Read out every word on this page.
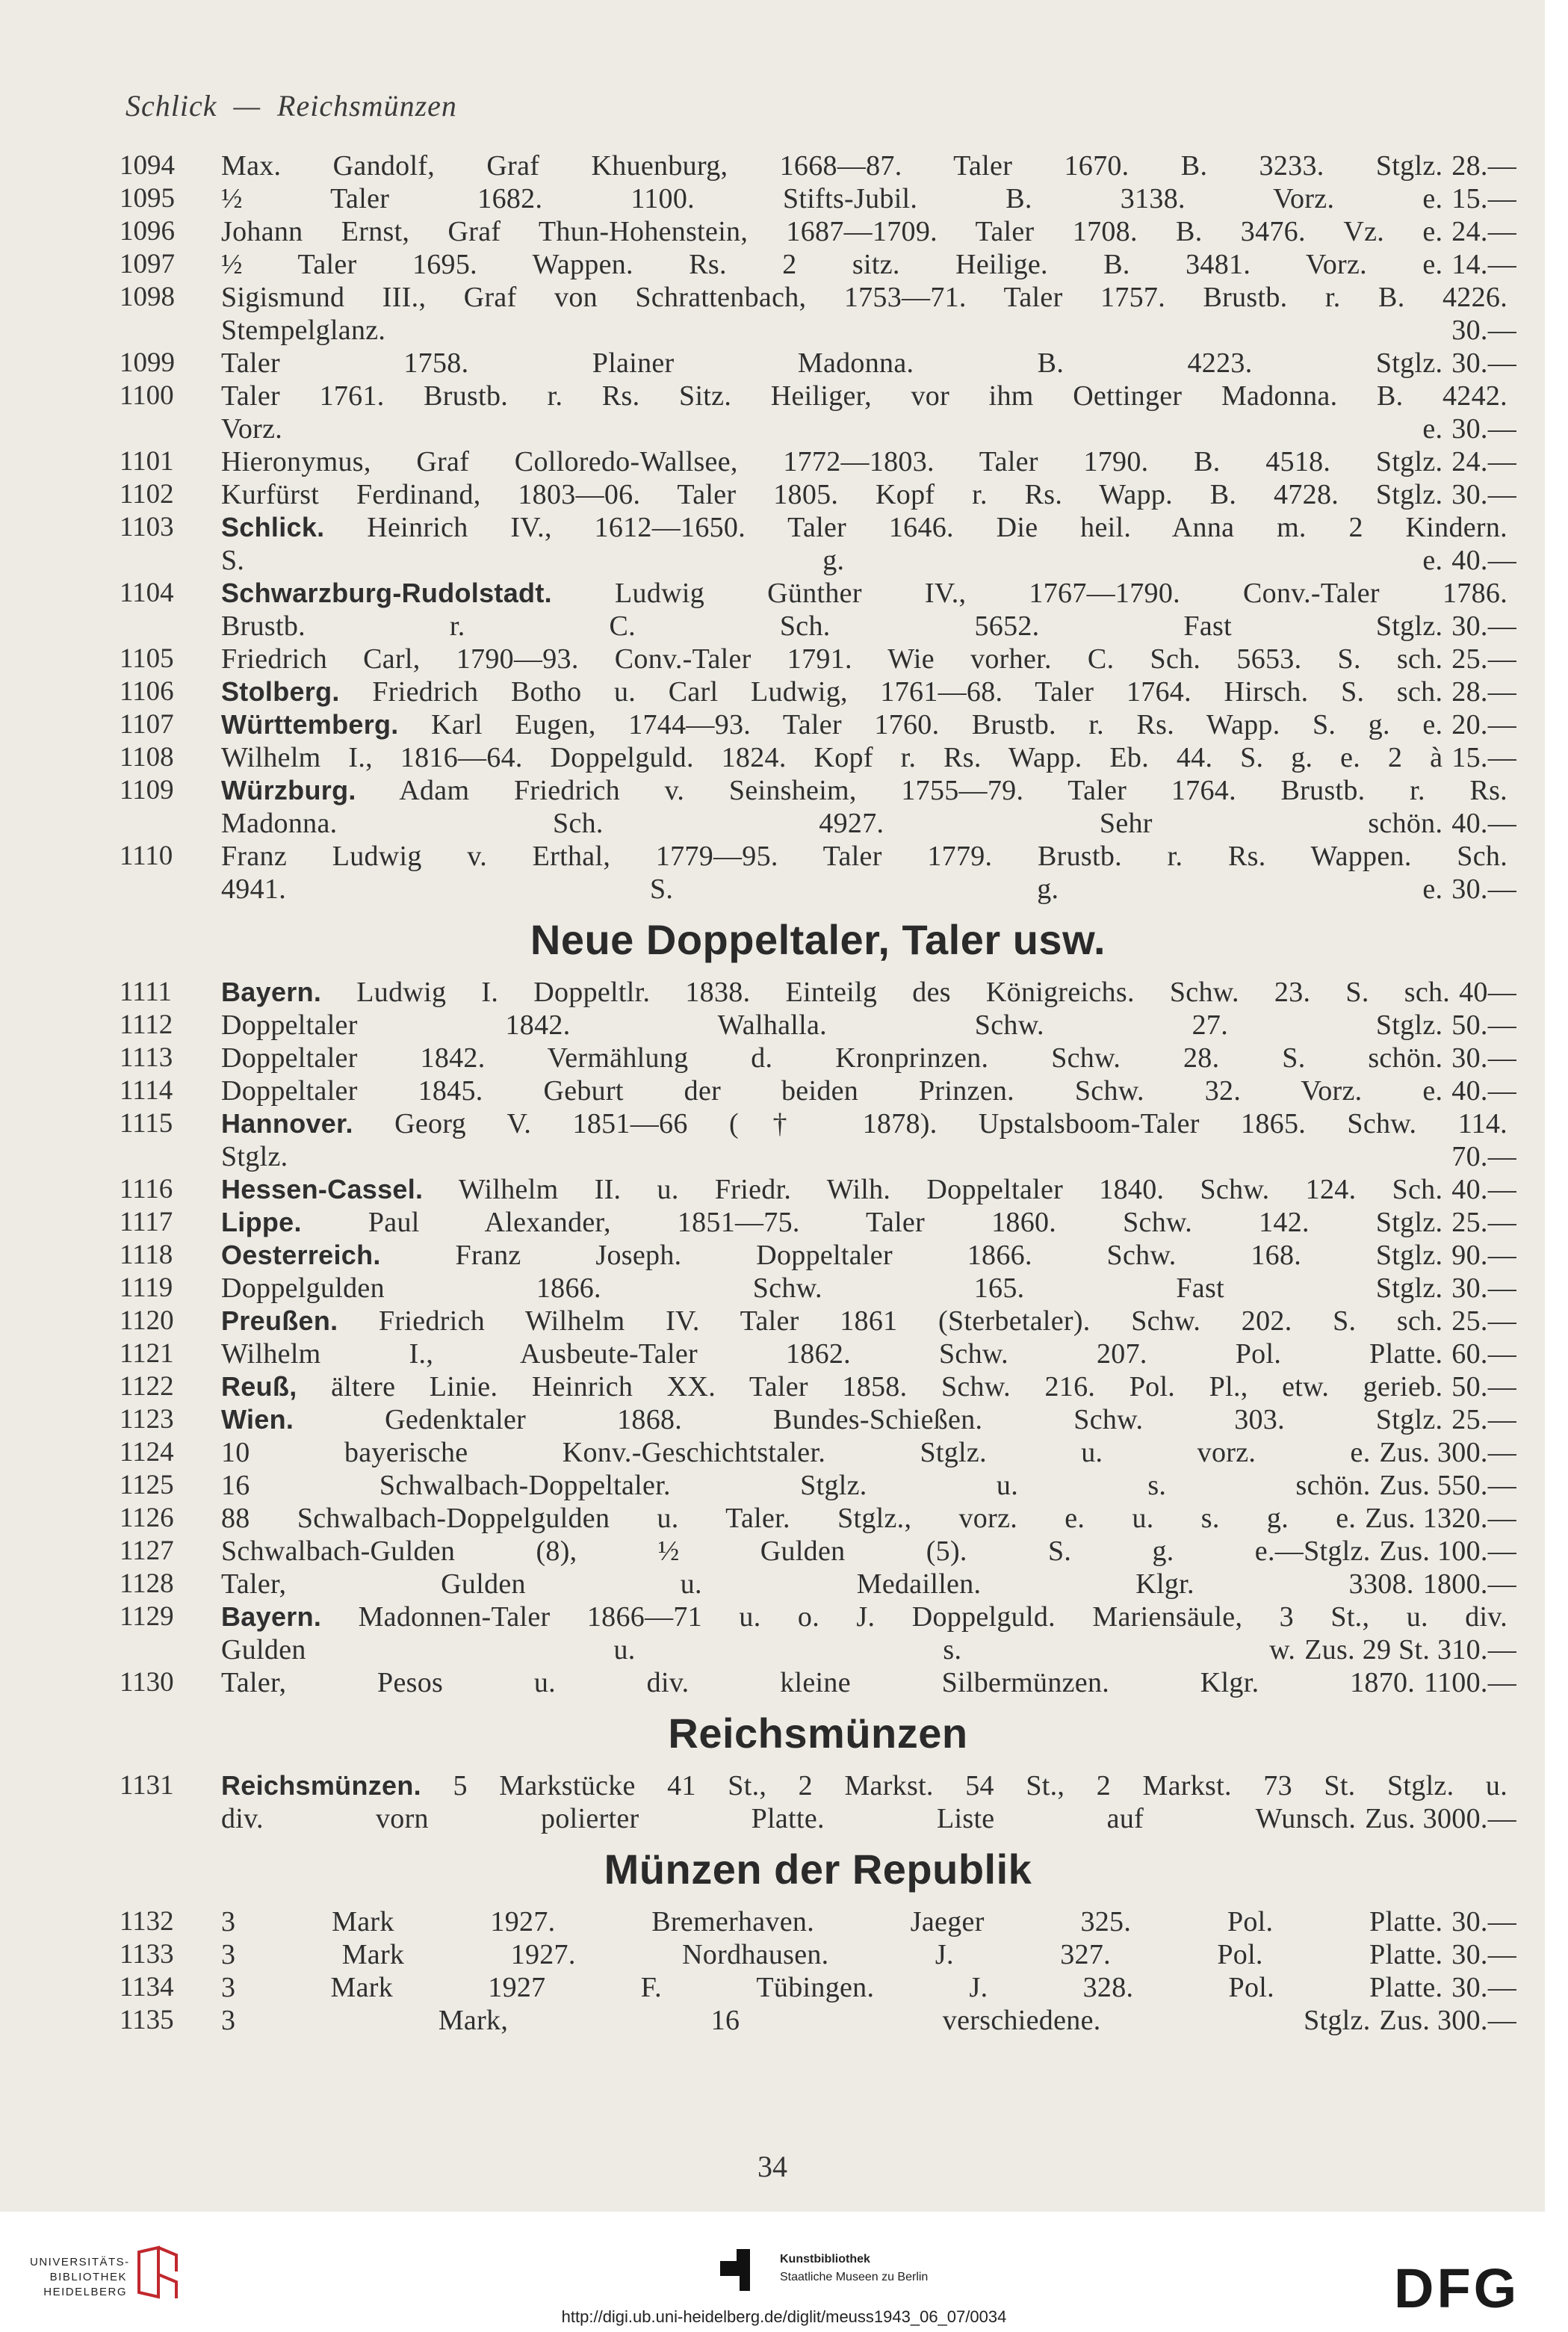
Schlick  —  Reichsmünzen
1094	Max. Gandolf, Graf Khuenburg, 1668—87. Taler 1670. B. 3233. Stglz. 28.—
1095	½ Taler 1682. 1100. Stifts-Jubil. B. 3138. Vorz. e. 15.—
1096	Johann Ernst, Graf Thun-Hohenstein, 1687—1709. Taler 1708. B. 3476. Vz. e. 24.—
1097	½ Taler 1695. Wappen. Rs. 2 sitz. Heilige. B. 3481. Vorz. e. 14.—
1098	Sigismund III., Graf von Schrattenbach, 1753—71. Taler 1757. Brustb. r. B. 4226.
Stempelglanz.	30.—
1099	Taler 1758. Plainer Madonna. B. 4223. Stglz. 30.—
1100	Taler 1761. Brustb. r. Rs. Sitz. Heiliger, vor ihm Oettinger Madonna. B. 4242.
Vorz. e. 30.—
1101	Hieronymus, Graf Colloredo-Wallsee, 1772—1803. Taler 1790. B. 4518. Stglz. 24.—
1102	Kurfürst Ferdinand, 1803—06. Taler 1805. Kopf r. Rs. Wapp. B. 4728. Stglz. 30.—
1103	Schlick. Heinrich IV., 1612—1650. Taler 1646. Die heil. Anna m. 2 Kindern.
S. g. e. 40.—
1104	Schwarzburg-Rudolstadt. Ludwig Günther IV., 1767—1790. Conv.-Taler 1786.
Brustb. r. C. Sch. 5652. Fast Stglz. 30.—
1105	Friedrich Carl, 1790—93. Conv.-Taler 1791. Wie vorher. C. Sch. 5653. S. sch. 25.—
1106	Stolberg. Friedrich Botho u. Carl Ludwig, 1761—68. Taler 1764. Hirsch. S. sch. 28.—
1107	Württemberg. Karl Eugen, 1744—93. Taler 1760. Brustb. r. Rs. Wapp. S. g. e. 20.—
1108	Wilhelm I., 1816—64. Doppelguld. 1824. Kopf r. Rs. Wapp. Eb. 44. S. g. e. 2 à 15.—
1109	Würzburg. Adam Friedrich v. Seinsheim, 1755—79. Taler 1764. Brustb. r. Rs.
Madonna. Sch. 4927. Sehr schön. 40.—
1110	Franz Ludwig v. Erthal, 1779—95. Taler 1779. Brustb. r. Rs. Wappen. Sch.
4941. S. g. e. 30.—
Neue Doppeltaler, Taler usw.
1111	Bayern. Ludwig I. Doppeltlr. 1838. Einteilg des Königreichs. Schw. 23. S. sch. 40—
1112	Doppeltaler 1842. Walhalla. Schw. 27. Stglz. 50.—
1113	Doppeltaler 1842. Vermählung d. Kronprinzen. Schw. 28. S. schön. 30.—
1114	Doppeltaler 1845. Geburt der beiden Prinzen. Schw. 32. Vorz. e. 40.—
1115	Hannover. Georg V. 1851—66 († 1878). Upstalsboom-Taler 1865. Schw. 114.
Stglz.	70.—
1116	Hessen-Cassel. Wilhelm II. u. Friedr. Wilh. Doppeltaler 1840. Schw. 124. Sch. 40.—
1117	Lippe. Paul Alexander, 1851—75. Taler 1860. Schw. 142. Stglz. 25.—
1118	Oesterreich.	Franz Joseph. Doppeltaler 1866. Schw. 168. Stglz. 90.—
1119	Doppelgulden 1866. Schw. 165. Fast Stglz. 30.—
1120	Preußen. Friedrich Wilhelm IV. Taler 1861 (Sterbetaler). Schw. 202. S. sch. 25.—
1121	Wilhelm I., Ausbeute-Taler 1862. Schw. 207. Pol. Platte. 60.—
1122	Reuß, ältere Linie. Heinrich XX. Taler 1858. Schw. 216. Pol. Pl., etw. gerieb. 50.—
1123	Wien.	Gedenktaler 1868. Bundes-Schießen. Schw. 303. Stglz. 25.—
1124	10 bayerische Konv.-Geschichtstaler. Stglz. u. vorz. e. Zus. 300.—
1125	16 Schwalbach-Doppeltaler. Stglz. u. s. schön. Zus. 550.—
1126	88 Schwalbach-Doppelgulden u. Taler. Stglz., vorz. e. u. s. g. e. Zus. 1320.—
1127	Schwalbach-Gulden (8), ½ Gulden (5). S. g. e.—Stglz. Zus. 100.—
1128	Taler, Gulden u. Medaillen. Klgr. 3308. 1800.—
1129	Bayern. Madonnen-Taler 1866—71 u. o. J. Doppelguld. Mariensäule, 3 St., u. div.
Gulden u. s. w. Zus. 29 St. 310.—
1130	Taler, Pesos u. div. kleine Silbermünzen. Klgr. 1870. 1100.—
Reichsmünzen
1131	Reichsmünzen. 5 Markstücke 41 St., 2 Markst. 54 St., 2 Markst. 73 St. Stglz. u.
div. vorn polierter Platte. Liste auf Wunsch. Zus. 3000.—
Münzen der Republik
1132	3 Mark 1927. Bremerhaven. Jaeger 325. Pol. Platte. 30.—
1133	3 Mark 1927. Nordhausen. J. 327. Pol. Platte. 30.—
1134	3 Mark 1927 F. Tübingen. J. 328. Pol. Platte. 30.—
1135	3 Mark, 16 verschiedene. Stglz. Zus. 300.—
34
UNIVERSITÄTS-
BIBLIOTHEK
HEIDELBERG
Kunstbibliothek
Staatliche Museen zu Berlin	DFG
http://digi.ub.uni-heidelberg.de/diglit/meuss1943_06_07/0034
